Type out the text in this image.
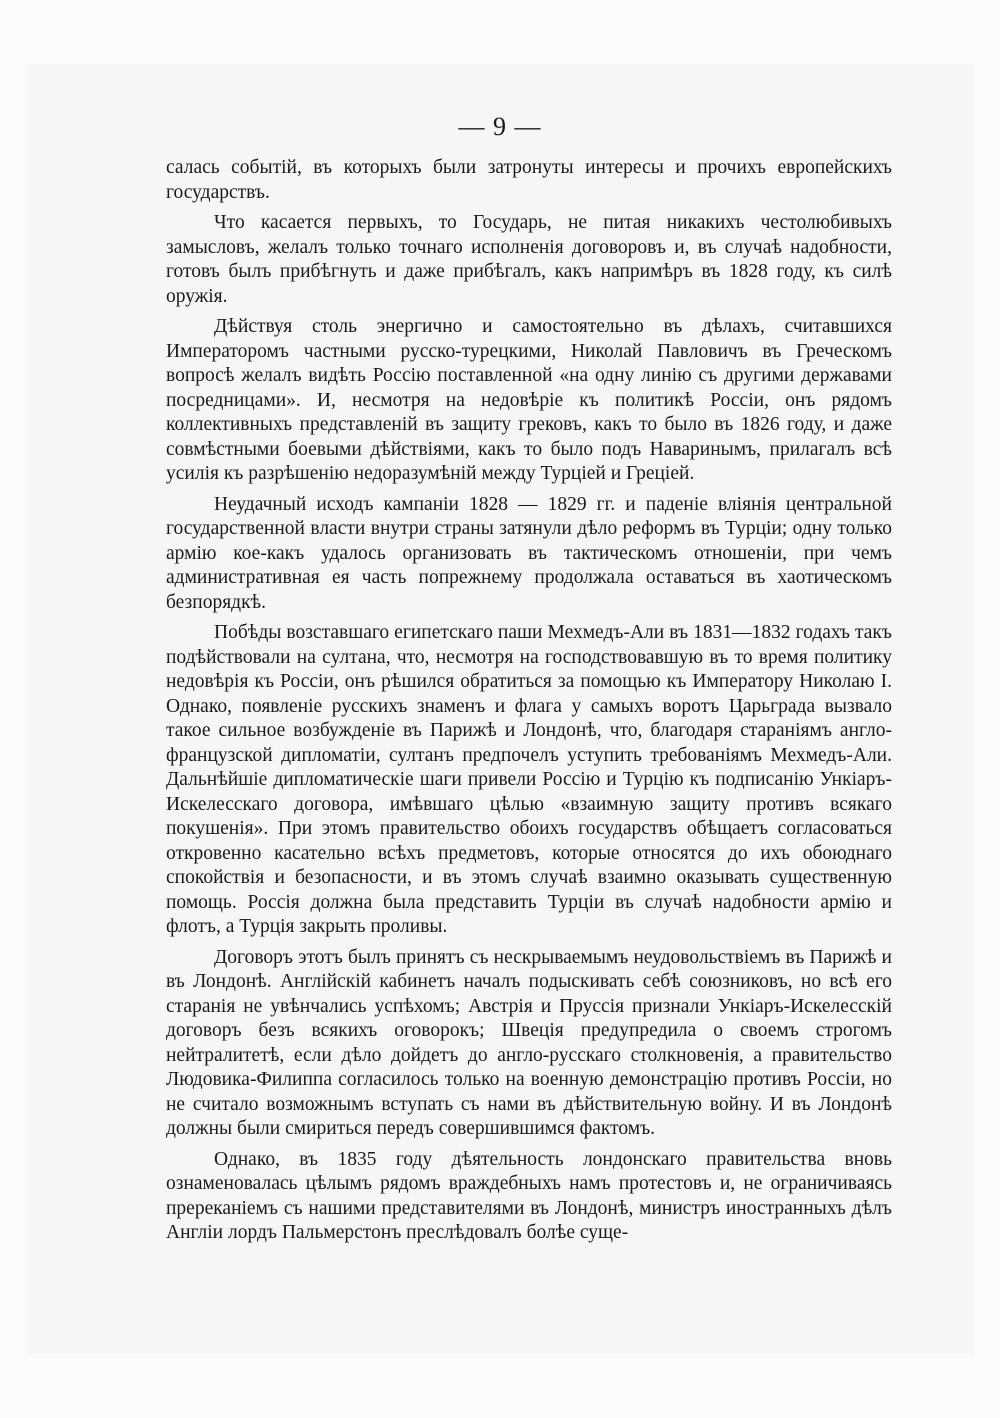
— 9 —

салась событій, въ которыхъ были затронуты интересы и прочихъ европейскихъ государствъ.

Что касается первыхъ, то Государь, не питая никакихъ честолюбивыхъ замысловъ, желалъ только точнаго исполненія договоровъ и, въ случаѣ надобности, готовъ былъ прибѣгнуть и даже прибѣгалъ, какъ напримѣръ въ 1828 году, къ силѣ оружія.

Дѣйствуя столь энергично и самостоятельно въ дѣлахъ, считавшихся Императоромъ частными русско-турецкими, Николай Павловичъ въ Греческомъ вопросѣ желалъ видѣть Россію поставленной «на одну линію съ другими державами посредницами». И, несмотря на недовѣріе къ политикѣ Россіи, онъ рядомъ коллективныхъ представленій въ защиту грековъ, какъ то было въ 1826 году, и даже совмѣстными боевыми дѣйствіями, какъ то было подъ Наваринымъ, прилагалъ всѣ усилія къ разрѣшенію недоразумѣній между Турціей и Греціей.

Неудачный исходъ кампаніи 1828 — 1829 гг. и паденіе вліянія центральной государственной власти внутри страны затянули дѣло реформъ въ Турціи; одну только армію кое-какъ удалось организовать въ тактическомъ отношеніи, при чемъ административная ея часть попрежнему продолжала оставаться въ хаотическомъ безпорядкѣ.

Побѣды возставшаго египетскаго паши Мехмедъ-Али въ 1831—1832 годахъ такъ подѣйствовали на султана, что, несмотря на господствовавшую въ то время политику недовѣрія къ Россіи, онъ рѣшился обратиться за помощью къ Императору Николаю I. Однако, появленіе русскихъ знаменъ и флага у самыхъ воротъ Царьграда вызвало такое сильное возбужденіе въ Парижѣ и Лондонѣ, что, благодаря стараніямъ англо-французской дипломатіи, султанъ предпочелъ уступить требованіямъ Мехмедъ-Али. Дальнѣйшіе дипломатическіе шаги привели Россію и Турцію къ подписанію Ункіаръ-Искелесскаго договора, имѣвшаго цѣлью «взаимную защиту противъ всякаго покушенія». При этомъ правительство обоихъ государствъ обѣщаетъ согласоваться откровенно касательно всѣхъ предметовъ, которые относятся до ихъ обоюднаго спокойствія и безопасности, и въ этомъ случаѣ взаимно оказывать существенную помощь. Россія должна была представить Турціи въ случаѣ надобности армію и флотъ, а Турція закрыть проливы.

Договоръ этотъ былъ принятъ съ нескрываемымъ неудовольствіемъ въ Парижѣ и въ Лондонѣ. Англійскій кабинетъ началъ подыскивать себѣ союзниковъ, но всѣ его старанія не увѣнчались успѣхомъ; Австрія и Пруссія признали Ункіаръ-Искелесскій договоръ безъ всякихъ оговорокъ; Швеція предупредила о своемъ строгомъ нейтралитетѣ, если дѣло дойдетъ до англо-русскаго столкновенія, а правительство Людовика-Филиппа согласилось только на военную демонстрацію противъ Россіи, но не считало возможнымъ вступать съ нами въ дѣйствительную войну. И въ Лондонѣ должны были смириться передъ совершившимся фактомъ.

Однако, въ 1835 году дѣятельность лондонскаго правительства вновь ознаменовалась цѣлымъ рядомъ враждебныхъ намъ протестовъ и, не ограничиваясь пререканіемъ съ нашими представителями въ Лондонѣ, министръ иностранныхъ дѣлъ Англіи лордъ Пальмерстонъ преслѣдовалъ болѣе суще-
